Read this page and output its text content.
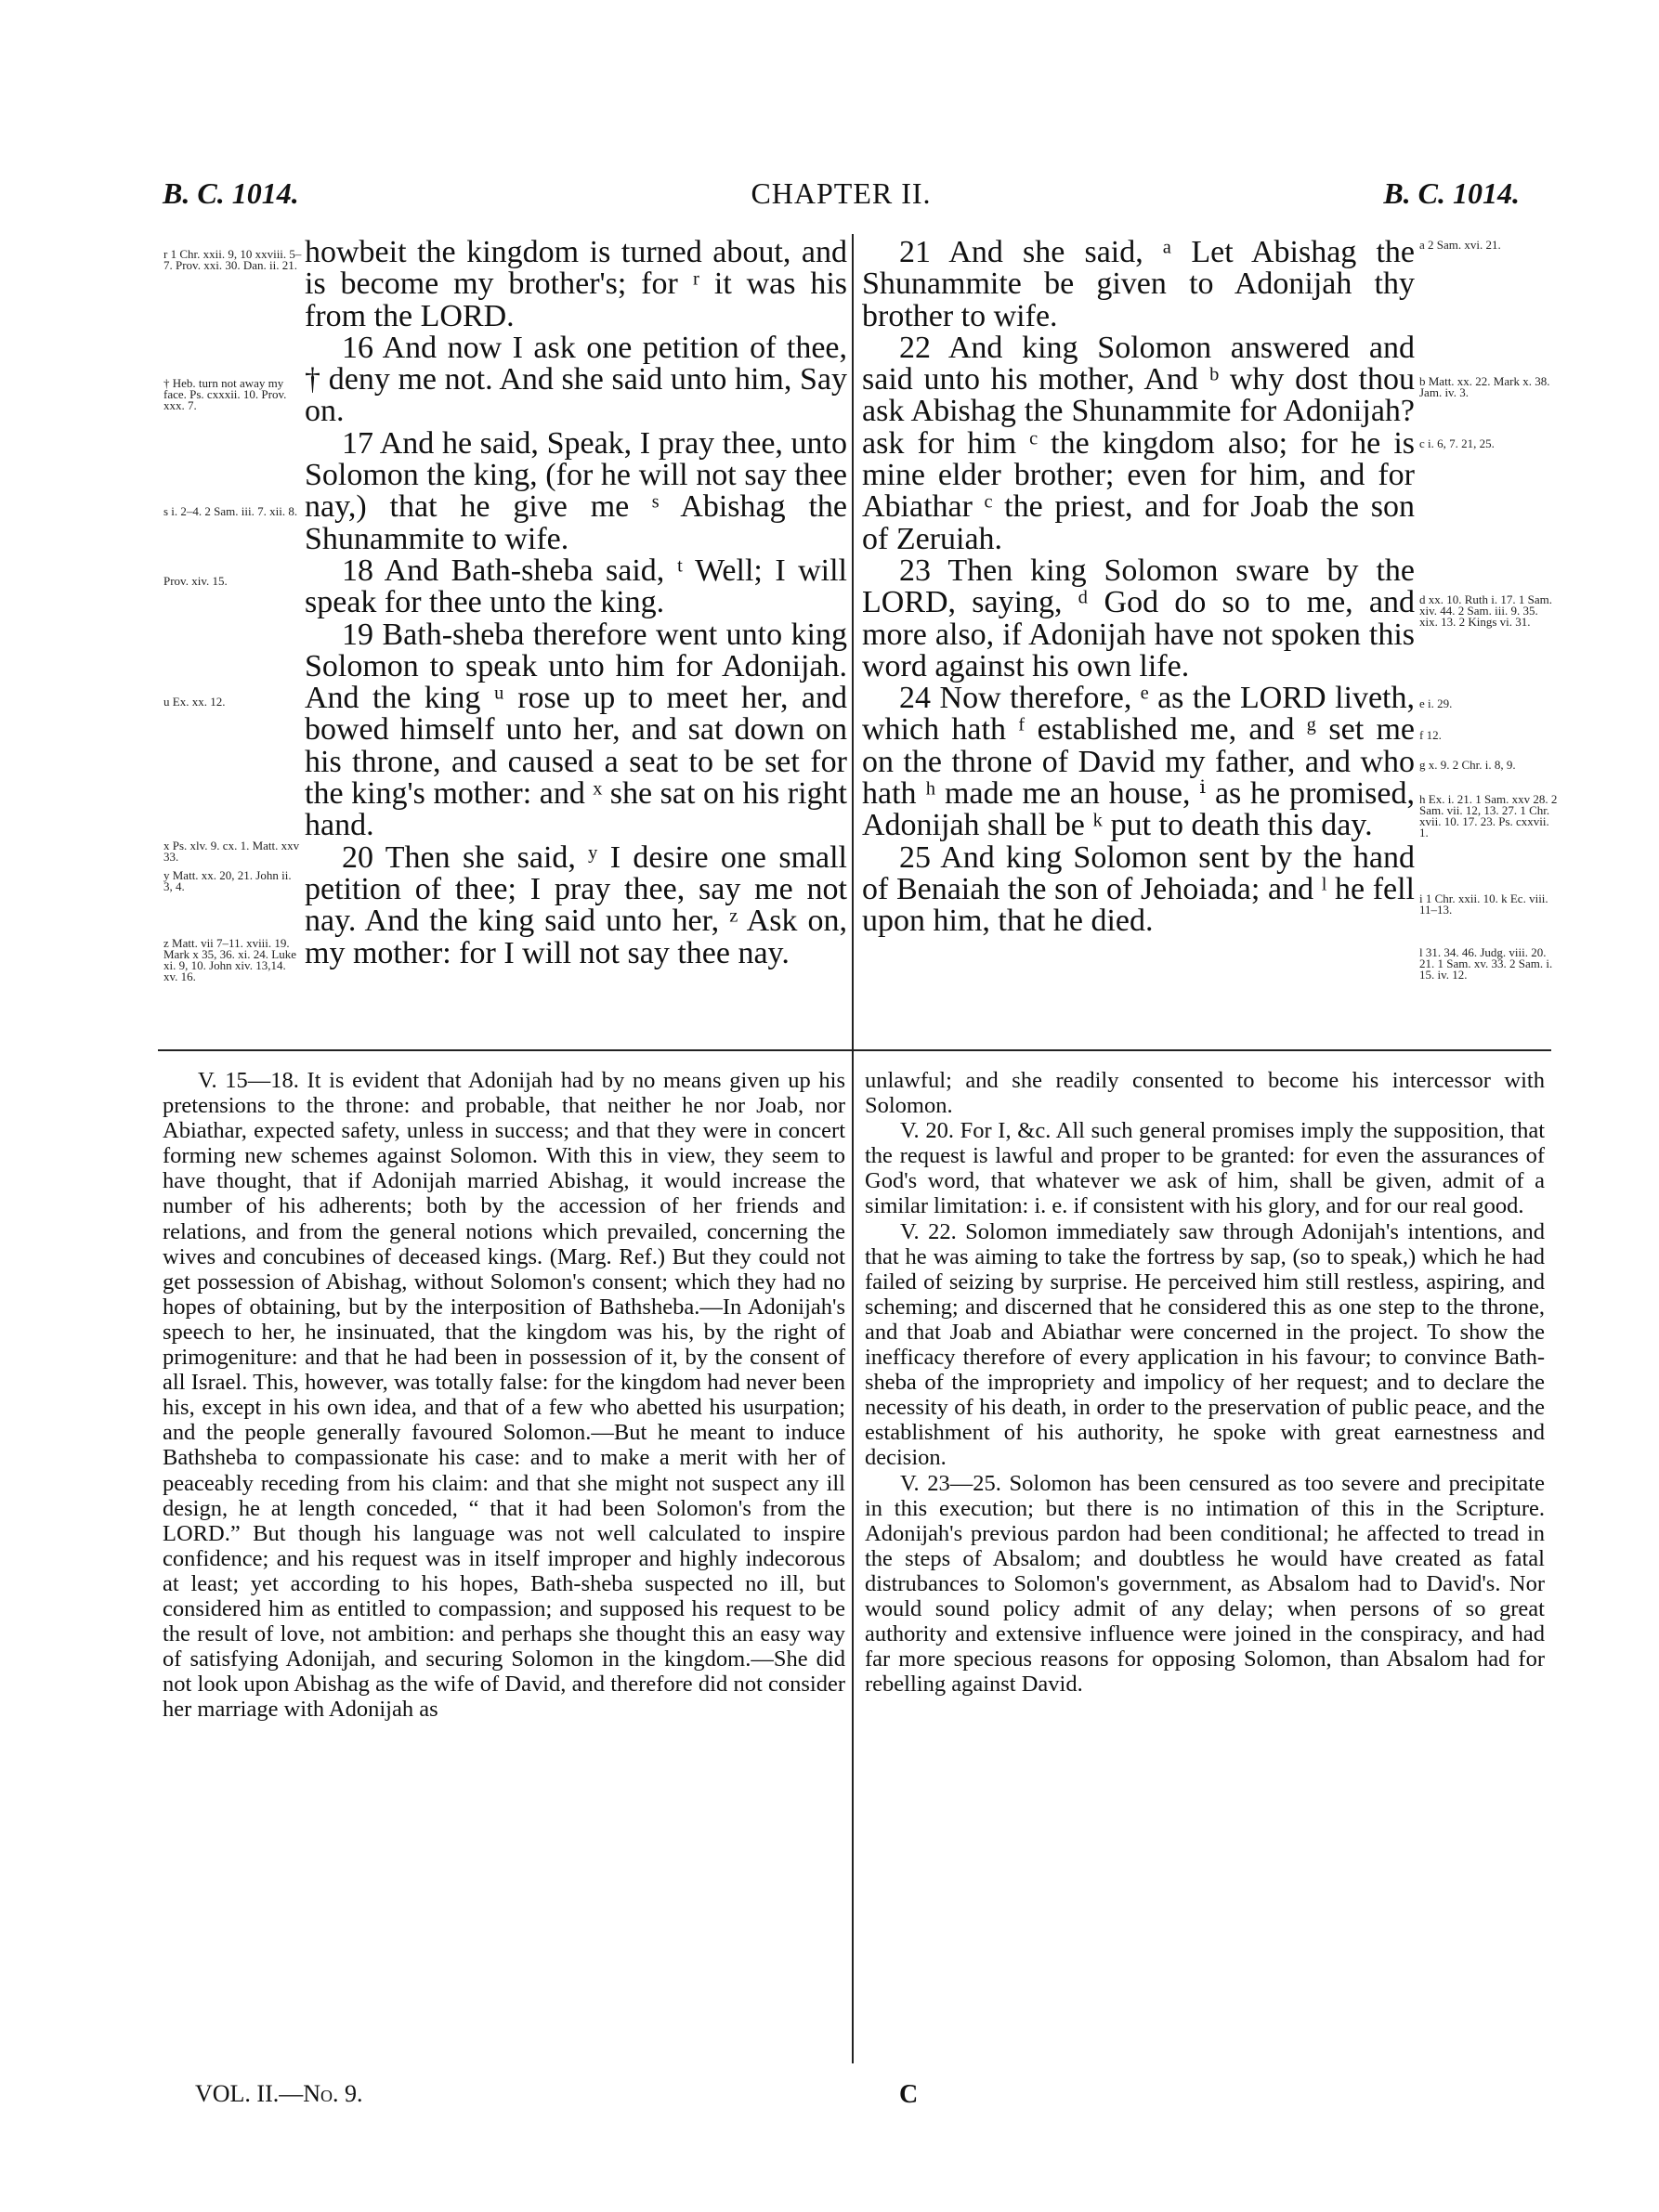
B. C. 1014.	CHAPTER II.	B. C. 1014.
r 1 Chr. xxii. 9, 10 xxviii. 5–7. Prov. xxi. 30. Dan. ii. 21.
† Heb. turn not away my face. Ps. cxxxii. 10. Prov. xxx. 7.
s i. 2–4. 2 Sam. iii. 7. xii. 8.
Prov. xiv. 15.
u Ex. xx. 12.
x Ps. xlv. 9. cx. 1. Matt. xxv 33.
y Matt. xx. 20, 21. John ii. 3, 4.
z Matt. vii 7–11. xviii. 19. Mark x 35, 36. xi. 24. Luke xi. 9, 10. John xiv. 13,14. xv. 16.

howbeit the kingdom is turned about, and is become my brother's; for ʳ it was his from the LORD.

16 And now I ask one petition of thee, † deny me not. And she said unto him, Say on.

17 And he said, Speak, I pray thee, unto Solomon the king, (for he will not say thee nay,) that he give me ˢ Abishag the Shunammite to wife.

18 And Bath-sheba said, ᵗ Well; I will speak for thee unto the king.

19 Bath-sheba therefore went unto king Solomon to speak unto him for Adonijah. And the king ᵘ rose up to meet her, and bowed himself unto her, and sat down on his throne, and caused a seat to be set for the king's mother: and ˣ she sat on his right hand.

20 Then she said, ʸ I desire one small petition of thee; I pray thee, say me not nay. And the king said unto her, ᶻ Ask on, my mother: for I will not say thee nay.

21 And she said, ᵃ Let Abishag the Shunammite be given to Adonijah thy brother to wife.

22 And king Solomon answered and said unto his mother, And ᵇ why dost thou ask Abishag the Shunammite for Adonijah? ask for him ᶜ the kingdom also; for he is mine elder brother; even for him, and for Abiathar ᶜ the priest, and for Joab the son of Zeruiah.

23 Then king Solomon sware by the LORD, saying, ᵈ God do so to me, and more also, if Adonijah have not spoken this word against his own life.

24 Now therefore, ᵉ as the LORD liveth, which hath ᶠ established me, and ᵍ set me on the throne of David my father, and who hath ʰ made me an house, ⁱ as he promised, Adonijah shall be ᵏ put to death this day.

25 And king Solomon sent by the hand of Benaiah the son of Jehoiada; and ˡ he fell upon him, that he died.

a 2 Sam. xvi. 21.
b Matt. xx. 22. Mark x. 38. Jam. iv. 3.
c i. 6, 7. 21, 25.
d xx. 10. Ruth i. 17. 1 Sam. xiv. 44. 2 Sam. iii. 9. 35. xix. 13. 2 Kings vi. 31.
e i. 29.
f 12.
g x. 9. 2 Chr. i. 8, 9.
h Ex. i. 21. 1 Sam. xxv 28. 2 Sam. vii. 12, 13. 27. 1 Chr. xvii. 10. 17. 23. Ps. cxxvii. 1.
i 1 Chr. xxii. 10. k Ec. viii. 11–13.
l 31. 34. 46. Judg. viii. 20. 21. 1 Sam. xv. 33. 2 Sam. i. 15. iv. 12.

V. 15—18. It is evident that Adonijah had by no means given up his pretensions to the throne: and probable, that neither he nor Joab, nor Abiathar, expected safety, unless in success; and that they were in concert forming new schemes against Solomon. With this in view, they seem to have thought, that if Adonijah married Abishag, it would increase the number of his adherents; both by the accession of her friends and relations, and from the general notions which prevailed, concerning the wives and concubines of deceased kings. (Marg. Ref.) But they could not get possession of Abishag, without Solomon's consent; which they had no hopes of obtaining, but by the interposition of Bathsheba.—In Adonijah's speech to her, he insinuated, that the kingdom was his, by the right of primogeniture: and that he had been in possession of it, by the consent of all Israel. This, however, was totally false: for the kingdom had never been his, except in his own idea, and that of a few who abetted his usurpation; and the people generally favoured Solomon.—But he meant to induce Bathsheba to compassionate his case: and to make a merit with her of peaceably receding from his claim: and that she might not suspect any ill design, he at length conceded, “ that it had been Solomon's from the LORD.” But though his language was not well calculated to inspire confidence; and his request was in itself improper and highly indecorous at least; yet according to his hopes, Bath-sheba suspected no ill, but considered him as entitled to compassion; and supposed his request to be the result of love, not ambition: and perhaps she thought this an easy way of satisfying Adonijah, and securing Solomon in the kingdom.—She did not look upon Abishag as the wife of David, and therefore did not consider her marriage with Adonijah as

unlawful; and she readily consented to become his intercessor with Solomon.

V. 20. For I, &c. All such general promises imply the supposition, that the request is lawful and proper to be granted: for even the assurances of God's word, that whatever we ask of him, shall be given, admit of a similar limitation: i. e. if consistent with his glory, and for our real good.

V. 22. Solomon immediately saw through Adonijah's intentions, and that he was aiming to take the fortress by sap, (so to speak,) which he had failed of seizing by surprise. He perceived him still restless, aspiring, and scheming; and discerned that he considered this as one step to the throne, and that Joab and Abiathar were concerned in the project. To show the inefficacy therefore of every application in his favour; to convince Bath-sheba of the impropriety and impolicy of her request; and to declare the necessity of his death, in order to the preservation of public peace, and the establishment of his authority, he spoke with great earnestness and decision.

V. 23—25. Solomon has been censured as too severe and precipitate in this execution; but there is no intimation of this in the Scripture. Adonijah's previous pardon had been conditional; he affected to tread in the steps of Absalom; and doubtless he would have created as fatal distrubances to Solomon's government, as Absalom had to David's. Nor would sound policy admit of any delay; when persons of so great authority and extensive influence were joined in the conspiracy, and had far more specious reasons for opposing Solomon, than Absalom had for rebelling against David.

VOL. II.—No. 9.	C
